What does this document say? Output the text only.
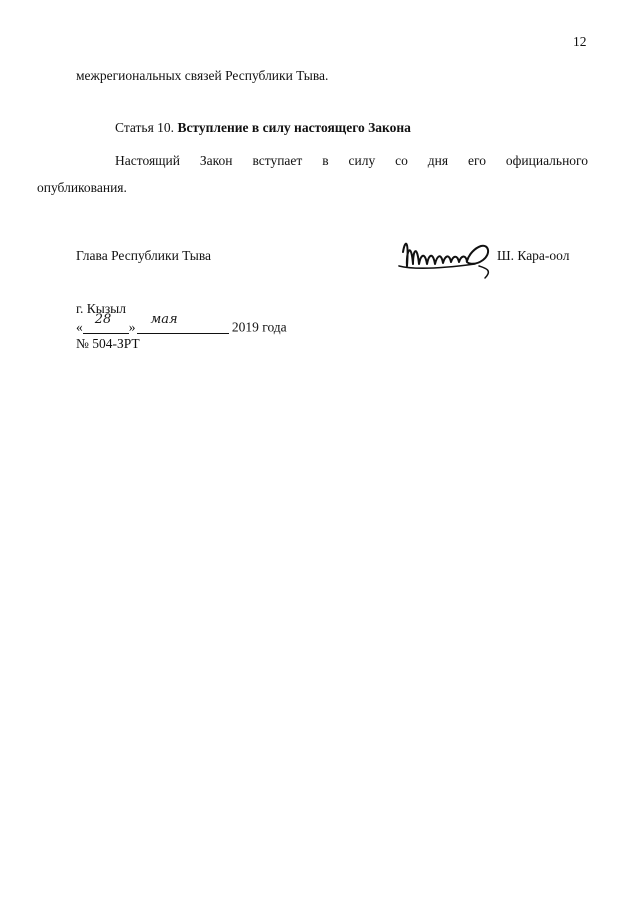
12
межрегиональных связей Республики Тыва.
Статья 10. Вступление в силу настоящего Закона
Настоящий Закон вступает в силу со дня его официального
опубликования.
Глава Республики Тыва	Ш. Кара-оол
г. Кызыл
« 28 » мая	2019 года
№ 504-ЗРТ
